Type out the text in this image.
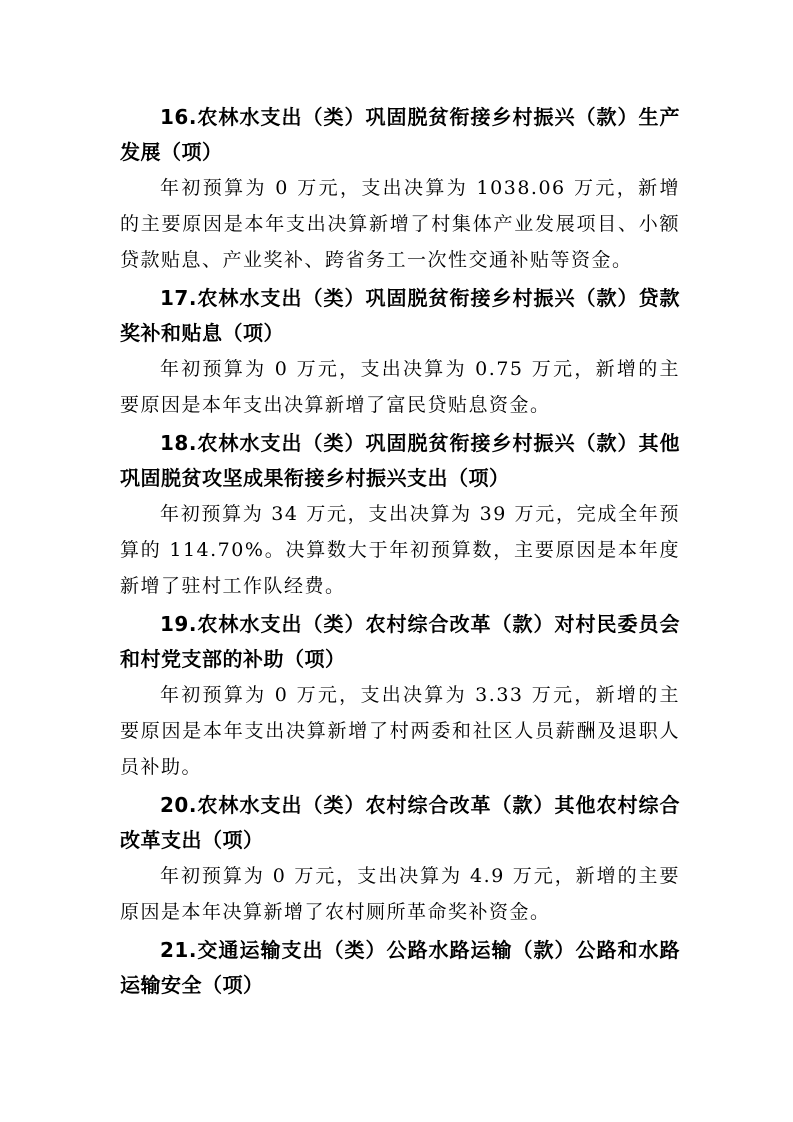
16.农林水支出（类）巩固脱贫衔接乡村振兴（款）生产发展（项）

年初预算为 0 万元，支出决算为 1038.06 万元，新增的主要原因是本年支出决算新增了村集体产业发展项目、小额贷款贴息、产业奖补、跨省务工一次性交通补贴等资金。

17.农林水支出（类）巩固脱贫衔接乡村振兴（款）贷款奖补和贴息（项）

年初预算为 0 万元，支出决算为 0.75 万元，新增的主要原因是本年支出决算新增了富民贷贴息资金。

18.农林水支出（类）巩固脱贫衔接乡村振兴（款）其他巩固脱贫攻坚成果衔接乡村振兴支出（项）

年初预算为 34 万元，支出决算为 39 万元，完成全年预算的 114.70%。决算数大于年初预算数，主要原因是本年度新增了驻村工作队经费。

19.农林水支出（类）农村综合改革（款）对村民委员会和村党支部的补助（项）

年初预算为 0 万元，支出决算为 3.33 万元，新增的主要原因是本年支出决算新增了村两委和社区人员薪酬及退职人员补助。

20.农林水支出（类）农村综合改革（款）其他农村综合改革支出（项）

年初预算为 0 万元，支出决算为 4.9 万元，新增的主要原因是本年决算新增了农村厕所革命奖补资金。

21.交通运输支出（类）公路水路运输（款）公路和水路运输安全（项）
